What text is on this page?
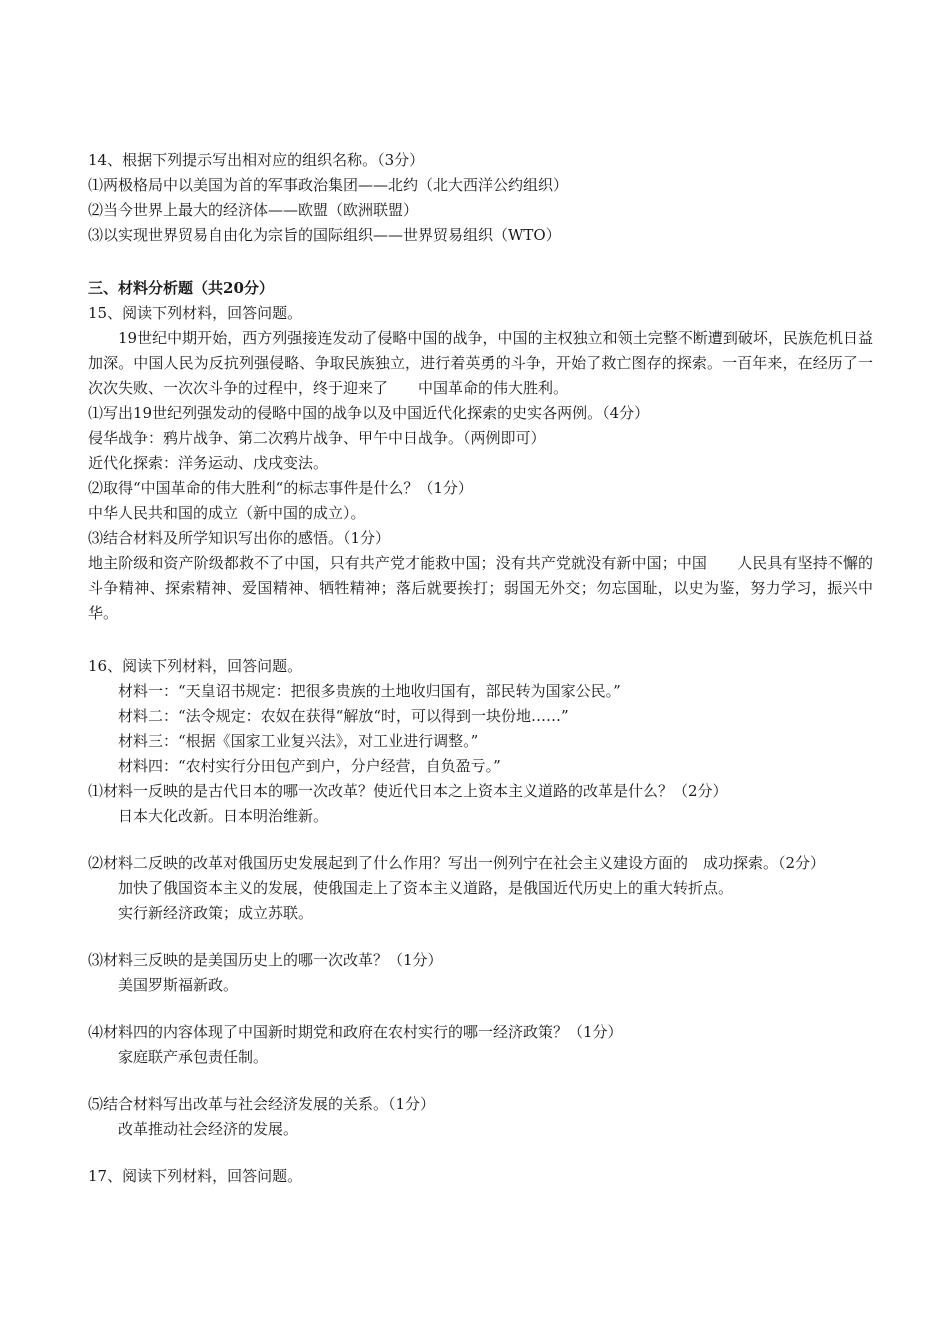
14、根据下列提示写出相对应的组织名称。（3分）
⑴两极格局中以美国为首的军事政治集团——北约（北大西洋公约组织）
⑵当今世界上最大的经济体——欧盟（欧洲联盟）
⑶以实现世界贸易自由化为宗旨的国际组织——世界贸易组织（WTO）
三、材料分析题（共20分）
15、阅读下列材料，回答问题。
19世纪中期开始，西方列强接连发动了侵略中国的战争，中国的主权独立和领土完整不断遭到破坏，民族危机日益加深。中国人民为反抗列强侵略、争取民族独立，进行着英勇的斗争，开始了救亡图存的探索。一百年来，在经历了一次次失败、一次次斗争的过程中，终于迎来了　　中国革命的伟大胜利。
⑴写出19世纪列强发动的侵略中国的战争以及中国近代化探索的史实各两例。（4分）
侵华战争：鸦片战争、第二次鸦片战争、甲午中日战争。（两例即可）
近代化探索：洋务运动、戊戌变法。
⑵取得“中国革命的伟大胜利“的标志事件是什么？（1分）
中华人民共和国的成立（新中国的成立）。
⑶结合材料及所学知识写出你的感悟。（1分）
地主阶级和资产阶级都救不了中国，只有共产党才能救中国；没有共产党就没有新中国；中国　　人民具有坚持不懈的斗争精神、探索精神、爱国精神、牺牲精神；落后就要挨打；弱国无外交；勿忘国耻，以史为鉴，努力学习，振兴中华。
16、阅读下列材料，回答问题。
材料一：“天皇诏书规定：把很多贵族的土地收归国有，部民转为国家公民。”
材料二：“法令规定：农奴在获得“解放“时，可以得到一块份地……”
材料三：“根据《国家工业复兴法》，对工业进行调整。”
材料四：“农村实行分田包产到户，分户经营，自负盈亏。”
⑴材料一反映的是古代日本的哪一次改革？使近代日本之上资本主义道路的改革是什么？（2分）
日本大化改新。日本明治维新。
⑵材料二反映的改革对俄国历史发展起到了什么作用？写出一例列宁在社会主义建设方面的　成功探索。（2分）
加快了俄国资本主义的发展，使俄国走上了资本主义道路，是俄国近代历史上的重大转折点。
实行新经济政策；成立苏联。
⑶材料三反映的是美国历史上的哪一次改革？（1分）
美国罗斯福新政。
⑷材料四的内容体现了中国新时期党和政府在农村实行的哪一经济政策？（1分）
家庭联产承包责任制。
⑸结合材料写出改革与社会经济发展的关系。（1分）
改革推动社会经济的发展。
17、阅读下列材料，回答问题。
